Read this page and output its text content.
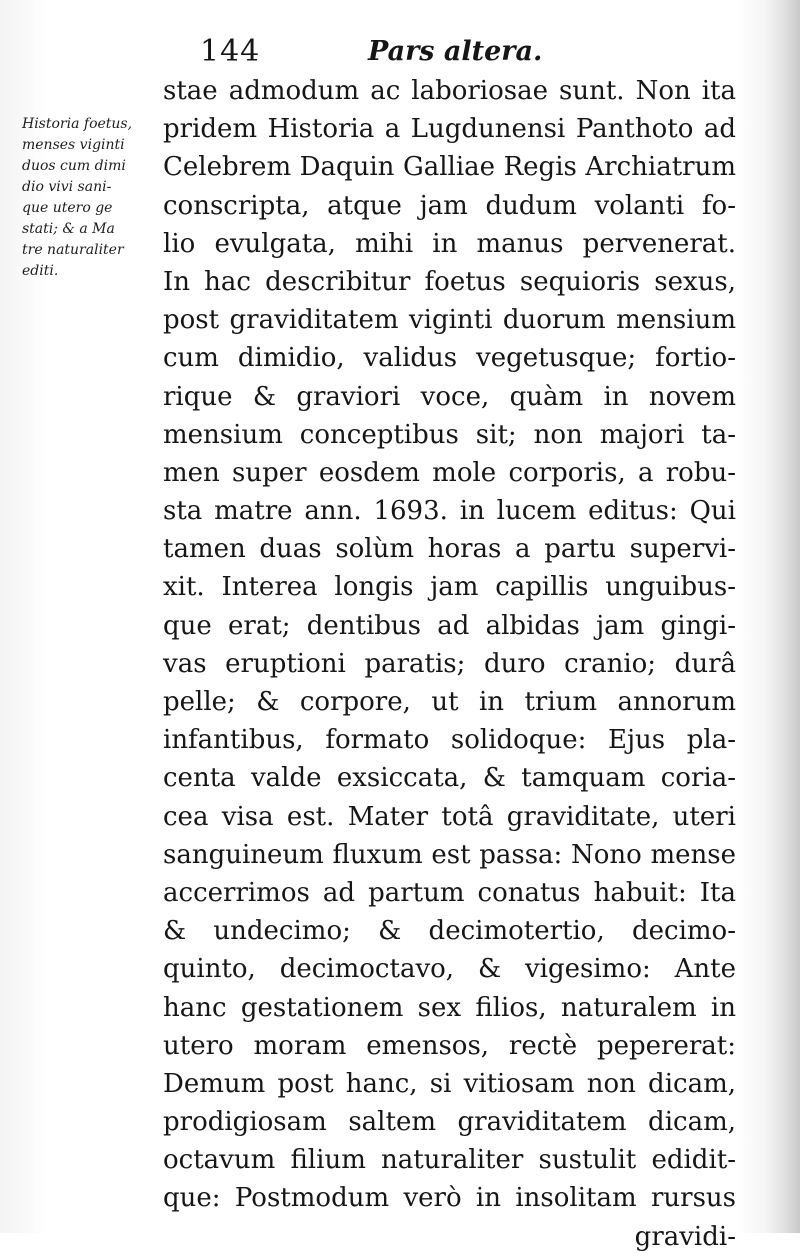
144	Pars altera.
Historia foetus,
menses viginti
duos cum dimi
dio vivi sani-
que utero ge
stati; & a Ma
tre naturaliter
editi.
stae admodum ac laboriosae sunt. Non ita
pridem Historia a Lugdunensi Panthoto ad
Celebrem Daquin Galliae Regis Archiatrum
conscripta, atque jam dudum volanti fo-
lio evulgata, mihi in manus pervenerat.
In hac describitur foetus sequioris sexus,
post graviditatem viginti duorum mensium
cum dimidio, validus vegetusque; fortio-
rique & graviori voce, quàm in novem
mensium conceptibus sit; non majori ta-
men super eosdem mole corporis, a robu-
sta matre ann. 1693. in lucem editus: Qui
tamen duas solùm horas a partu supervi-
xit. Interea longis jam capillis unguibus-
que erat; dentibus ad albidas jam gingi-
vas eruptioni paratis; duro cranio; durâ
pelle; & corpore, ut in trium annorum
infantibus, formato solidoque: Ejus pla-
centa valde exsiccata, & tamquam coria-
cea visa est. Mater totâ graviditate, uteri
sanguineum fluxum est passa: Nono mense
accerrimos ad partum conatus habuit: Ita
& undecimo; & decimotertio, decimo-
quinto, decimoctavo, & vigesimo: Ante
hanc gestationem sex filios, naturalem in
utero moram emensos, rectè pepererat:
Demum post hanc, si vitiosam non dicam,
prodigiosam saltem graviditatem dicam,
octavum filium naturaliter sustulit edidit-
que: Postmodum verò in insolitam rursus
gravidi-
